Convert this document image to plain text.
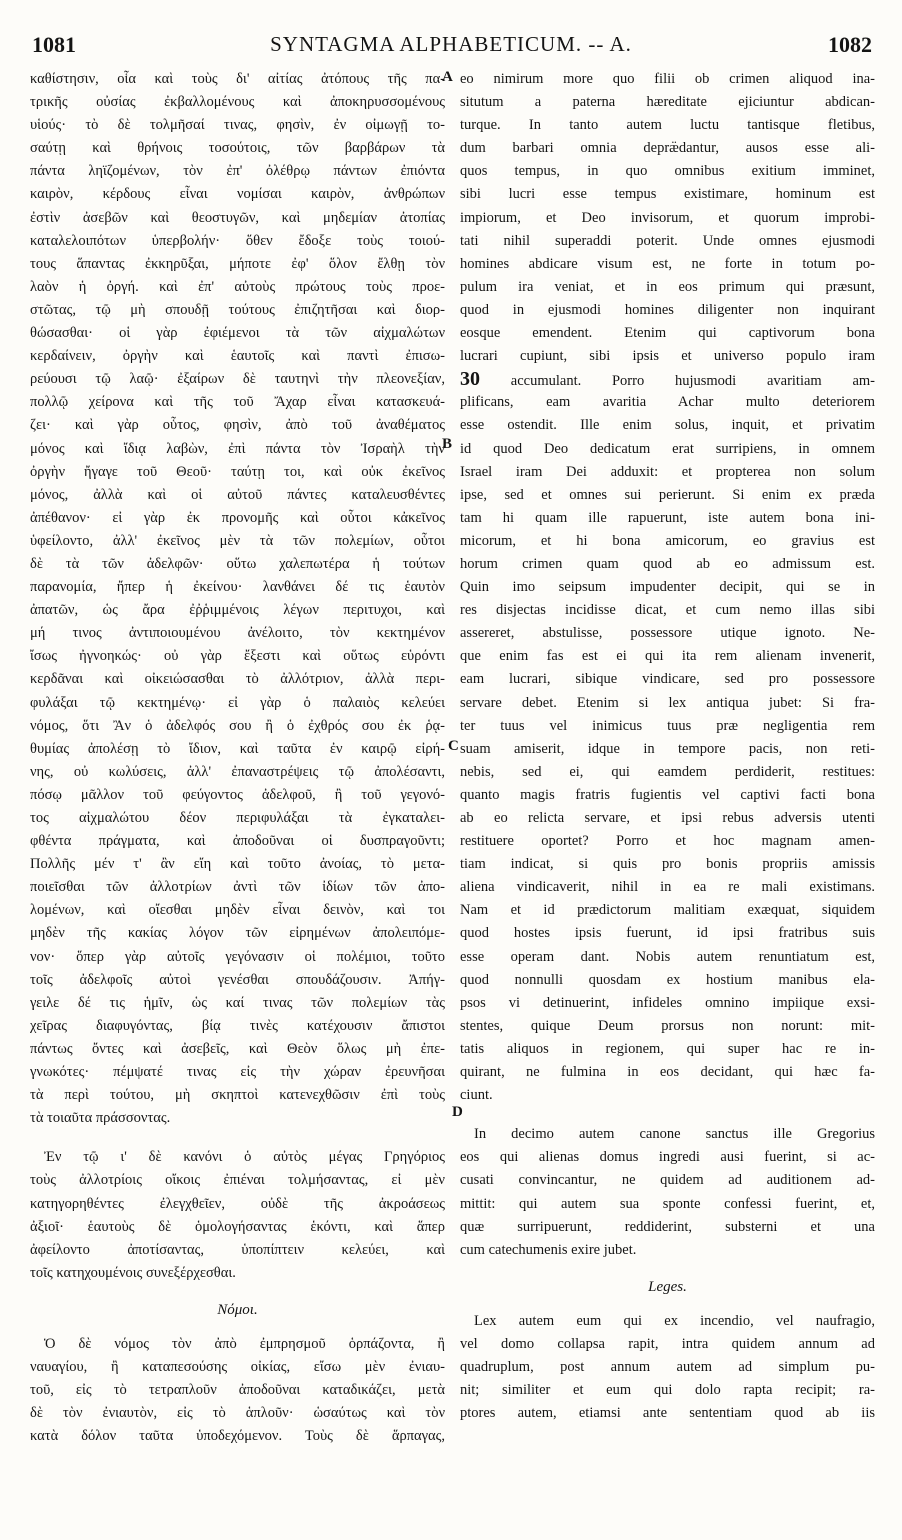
1081	SYNTAGMA ALPHABETICUM. -- A.	1082
A
B
C
D
καθίστησιν, οἷα καὶ τοὺς δι' αἰτίας ἀτόπους τῆς πα-
τρικῆς οὐσίας ἐκβαλλομένους καὶ ἀποκηρυσσομένους
υἱούς· τὸ δὲ τολμῆσαί τινας, φησὶν, ἐν οἰμωγῇ το-
σαύτῃ καὶ θρήνοις τοσούτοις, τῶν βαρβάρων τὰ
πάντα ληϊζομένων, τὸν ἐπ' ὀλέθρῳ πάντων ἐπιόντα
καιρὸν, κέρδους εἶναι νομίσαι καιρὸν, ἀνθρώπων
ἐστὶν ἀσεβῶν καὶ θεοστυγῶν, καὶ μηδεμίαν ἀτοπίας
καταλελοιπότων ὑπερβολήν· ὅθεν ἔδοξε τοὺς τοιού-
τους ἅπαντας ἐκκηρῦξαι, μήποτε ἐφ' ὅλον ἔλθῃ τὸν
λαὸν ἡ ὀργή. καὶ ἐπ' αὐτοὺς πρώτους τοὺς προε-
στῶτας, τῷ μὴ σπουδῇ τούτους ἐπιζητῆσαι καὶ διορ-
θώσασθαι· οἱ γὰρ ἐφιέμενοι τὰ τῶν αἰχμαλώτων
κερδαίνειν, ὀργὴν καὶ ἑαυτοῖς καὶ παντὶ ἐπισω-
ρεύουσι τῷ λαῷ· ἐξαίρων δὲ ταυτηνὶ τὴν πλεονεξίαν,
πολλῷ χείρονα καὶ τῆς τοῦ Ἄχαρ εἶναι κατασκευά-
ζει· καὶ γὰρ οὗτος, φησὶν, ἀπὸ τοῦ ἀναθέματος
μόνος καὶ ἴδιᾳ λαβὼν, ἐπὶ πάντα τὸν Ἰσραὴλ τὴν
ὀργὴν ἤγαγε τοῦ Θεοῦ· ταύτῃ τοι, καὶ οὐκ ἐκεῖνος
μόνος, ἀλλὰ καὶ οἱ αὐτοῦ πάντες καταλευσθέντες
ἀπέθανον· εἰ γὰρ ἐκ προνομῆς καὶ οὗτοι κἀκεῖνος
ὑφείλοντο, ἀλλ' ἐκεῖνος μὲν τὰ τῶν πολεμίων, οὗτοι
δὲ τὰ τῶν ἀδελφῶν· οὕτω χαλεπωτέρα ἡ τούτων
παρανομία, ἤπερ ἡ ἐκείνου· λανθάνει δέ τις ἑαυτὸν
ἀπατῶν, ὡς ἄρα ἐῤῥιμμένοις λέγων περιτυχοι, καὶ
μή τινος ἀντιποιουμένου ἀνέλοιτο, τὸν κεκτημένον
ἴσως ἠγνοηκώς· οὐ γὰρ ἔξεστι καὶ οὕτως εὑρόντι
κερδᾶναι καὶ οἰκειώσασθαι τὸ ἀλλότριον, ἀλλὰ περι-
φυλάξαι τῷ κεκτημένῳ· εἰ γὰρ ὁ παλαιὸς κελεύει
νόμος, ὅτι Ἂν ὁ ἀδελφός σου ἢ ὁ ἐχθρός σου ἐκ ῥᾳ-
θυμίας ἀπολέσῃ τὸ ἴδιον, καὶ ταῦτα ἐν καιρῷ εἰρή-
νης, οὐ κωλύσεις, ἀλλ' ἐπαναστρέψεις τῷ ἀπολέσαντι,
πόσῳ μᾶλλον τοῦ φεύγοντος ἀδελφοῦ, ἢ τοῦ γεγονό-
τος αἰχμαλώτου δέον περιφυλάξαι τὰ ἐγκαταλει-
φθέντα πράγματα, καὶ ἀποδοῦναι οἱ δυσπραγοῦντι;
Πολλῆς μέν τ' ἂν εἴη καὶ τοῦτο ἀνοίας, τὸ μετα-
ποιεῖσθαι τῶν ἀλλοτρίων ἀντὶ τῶν ἰδίων τῶν ἀπο-
λομένων, καὶ οἴεσθαι μηδὲν εἶναι δεινὸν, καὶ τοι
μηδὲν τῆς κακίας λόγον τῶν εἰρημένων ἀπολειπόμε-
νον· ὅπερ γὰρ αὐτοῖς γεγόνασιν οἱ πολέμιοι, τοῦτο
τοῖς ἀδελφοῖς αὐτοὶ γενέσθαι σπουδάζουσιν. Ἀπήγ-
γειλε δέ τις ἡμῖν, ὡς καί τινας τῶν πολεμίων τὰς
χεῖρας διαφυγόντας, βίᾳ τινὲς κατέχουσιν ἄπιστοι
πάντως ὄντες καὶ ἀσεβεῖς, καὶ Θεὸν ὅλως μὴ ἐπε-
γνωκότες· πέμψατέ τινας εἰς τὴν χώραν ἐρευνῆσαι
τὰ περὶ τούτου, μὴ σκηπτοὶ κατενεχθῶσιν ἐπὶ τοὺς
τὰ τοιαῦτα πράσσοντας.
Ἐν τῷ ι' δὲ κανόνι ὁ αὐτὸς μέγας Γρηγόριος
τοὺς ἀλλοτρίοις οἴκοις ἐπιέναι τολμήσαντας, εἰ μὲν
κατηγορηθέντες ἐλεγχθεῖεν, οὐδὲ τῆς ἀκροάσεως
ἀξιοῖ· ἑαυτοὺς δὲ ὁμολογήσαντας ἑκόντι, καὶ ἅπερ
ἀφείλοντο ἀποτίσαντας, ὑποπίπτειν κελεύει, καὶ
τοῖς κατηχουμένοις συνεξέρχεσθαι.
Νόμοι.
Ὁ δὲ νόμος τὸν ἀπὸ ἐμπρησμοῦ ὁρπάζοντα, ἢ
ναυαγίου, ἢ καταπεσούσης οἰκίας, εἴσω μὲν ἐνιαυ-
τοῦ, εἰς τὸ τετραπλοῦν ἀποδοῦναι καταδικάζει, μετὰ
δὲ τὸν ἐνιαυτὸν, εἰς τὸ ἁπλοῦν· ὡσαύτως καὶ τὸν
κατὰ δόλον ταῦτα ὑποδεχόμενον. Τοὺς δὲ ἅρπαγας,
eo nimirum more quo filii ob crimen aliquod ina-
situtum a paterna hæreditate ejiciuntur abdican-
turque. In tanto autem luctu tantisque fletibus,
dum barbari omnia depræ̈dantur, ausos esse ali-
quos tempus, in quo omnibus exitium imminet,
sibi lucri esse tempus existimare, hominum est
impiorum, et Deo invisorum, et quorum improbi-
tati nihil superaddi poterit. Unde omnes ejusmodi
homines abdicare visum est, ne forte in totum po-
pulum ira veniat, et in eos primum qui præsunt,
quod in ejusmodi homines diligenter non inquirant
eosque emendent. Etenim qui captivorum bona
lucrari cupiunt, sibi ipsis et universo populo iram
30 accumulant. Porro hujusmodi avaritiam am-
plificans, eam avaritia Achar multo deteriorem
esse ostendit. Ille enim solus, inquit, et privatim
id quod Deo dedicatum erat surripiens, in omnem
Israel iram Dei adduxit: et propterea non solum
ipse, sed et omnes sui perierunt. Si enim ex præda
tam hi quam ille rapuerunt, iste autem bona ini-
micorum, et hi bona amicorum, eo gravius est
horum crimen quam quod ab eo admissum est.
Quin imo seipsum impudenter decipit, qui se in
res disjectas incidisse dicat, et cum nemo illas sibi
assereret, abstulisse, possessore utique ignoto. Ne-
que enim fas est ei qui ita rem alienam invenerit,
eam lucrari, sibique vindicare, sed pro possessore
servare debet. Etenim si lex antiqua jubet: Si fra-
ter tuus vel inimicus tuus præ negligentia rem
suam amiserit, idque in tempore pacis, non reti-
nebis, sed ei, qui eamdem perdiderit, restitues:
quanto magis fratris fugientis vel captivi facti bona
ab eo relicta servare, et ipsi rebus adversis utenti
restituere oportet? Porro et hoc magnam amen-
tiam indicat, si quis pro bonis propriis amissis
aliena vindicaverit, nihil in ea re mali existimans.
Nam et id prædictorum malitiam exæquat, siquidem
quod hostes ipsis fuerunt, id ipsi fratribus suis
esse operam dant. Nobis autem renuntiatum est,
quod nonnulli quosdam ex hostium manibus ela-
psos vi detinuerint, infideles omnino impiique exsi-
stentes, quique Deum prorsus non norunt: mit-
tatis aliquos in regionem, qui super hac re in-
quirant, ne fulmina in eos decidant, qui hæc fa-
ciunt.
In decimo autem canone sanctus ille Gregorius
eos qui alienas domus ingredi ausi fuerint, si ac-
cusati convincantur, ne quidem ad auditionem ad-
mittit: qui autem sua sponte confessi fuerint, et,
quæ surripuerunt, reddiderint, substerni et una
cum catechumenis exire jubet.
Leges.
Lex autem eum qui ex incendio, vel naufragio,
vel domo collapsa rapit, intra quidem annum ad
quadruplum, post annum autem ad simplum pu-
nit; similiter et eum qui dolo rapta recipit; ra-
ptores autem, etiamsi ante sententiam quod ab iis
